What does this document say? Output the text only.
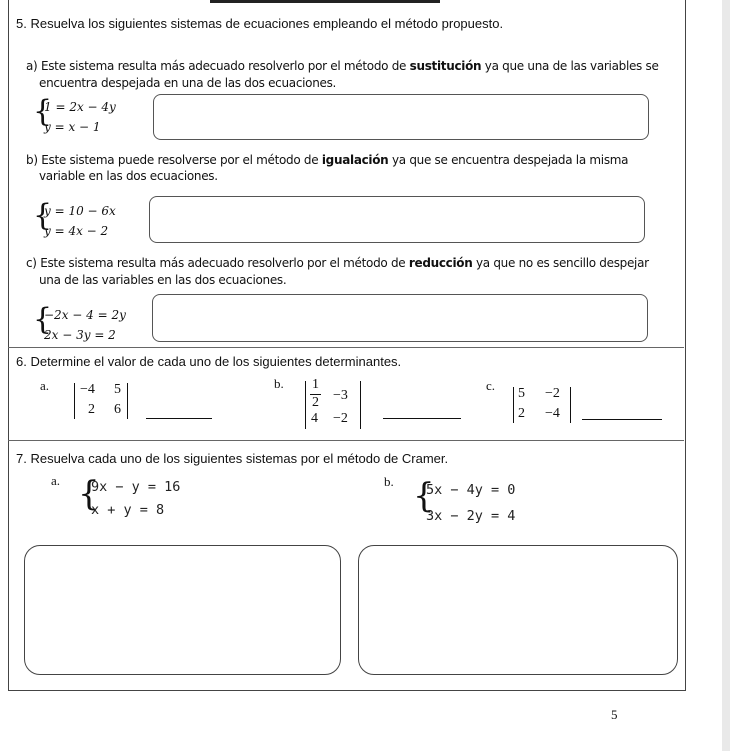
5. Resuelva los siguientes sistemas de ecuaciones empleando el método propuesto.
a) Este sistema resulta más adecuado resolverlo por el método de sustitución ya que una de las variables se
encuentra despejada en una de las dos ecuaciones.
{
1 = 2x − 4y
y = x − 1
b) Este sistema puede resolverse por el método de igualación ya que se encuentra despejada la misma
variable en las dos ecuaciones.
{
y = 10 − 6x
y = 4x − 2
c) Este sistema resulta más adecuado resolverlo por el método de reducción ya que no es sencillo despejar
una de las variables en las dos ecuaciones.
{
−2x − 4 = 2y
2x − 3y = 2
6. Determine el valor de cada uno de los siguientes determinantes.
a. −4 5
2 6
b. 1
2 −3
4 −2
c.
5 −2
2 −4
7. Resuelva cada uno de los siguientes sistemas por el método de Cramer.
a. {
9x − y = 16
x + y = 8
b. {
5x − 4y = 0
3x − 2y = 4
5
